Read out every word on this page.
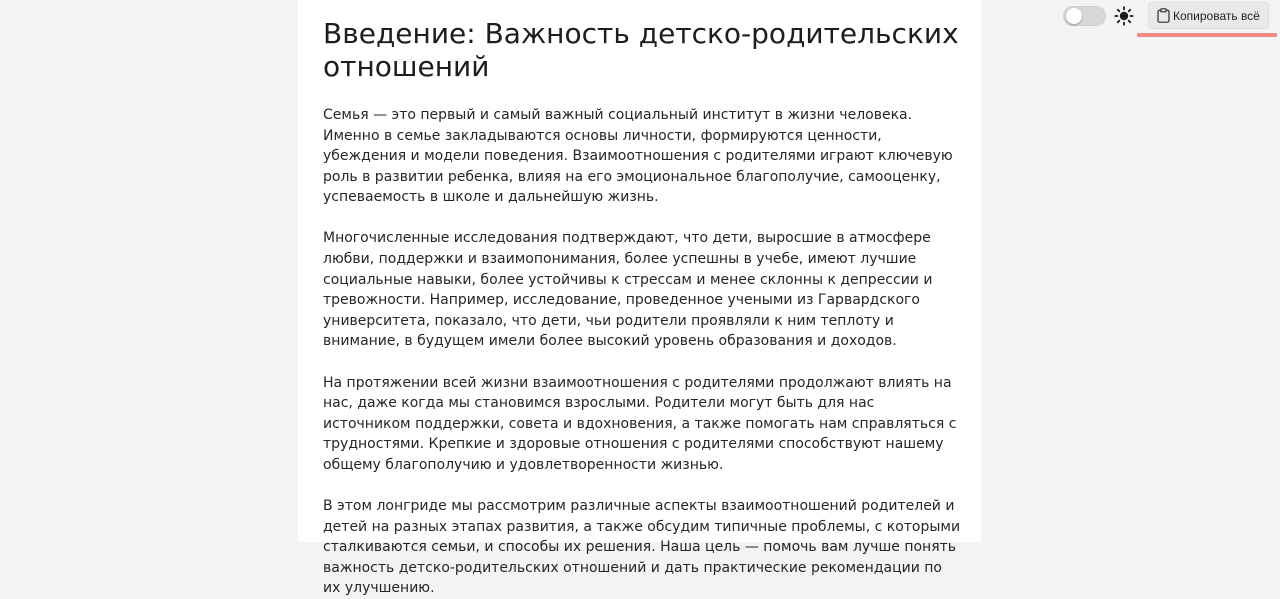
Введение: Важность детско-родительских отношений

Семья — это первый и самый важный социальный институт в жизни человека. Именно в семье закладываются основы личности, формируются ценности, убеждения и модели поведения. Взаимоотношения с родителями играют ключевую роль в развитии ребенка, влияя на его эмоциональное благополучие, самооценку, успеваемость в школе и дальнейшую жизнь.

Многочисленные исследования подтверждают, что дети, выросшие в атмосфере любви, поддержки и взаимопонимания, более успешны в учебе, имеют лучшие социальные навыки, более устойчивы к стрессам и менее склонны к депрессии и тревожности. Например, исследование, проведенное учеными из Гарвардского университета, показало, что дети, чьи родители проявляли к ним теплоту и внимание, в будущем имели более высокий уровень образования и доходов.

На протяжении всей жизни взаимоотношения с родителями продолжают влиять на нас, даже когда мы становимся взрослыми. Родители могут быть для нас источником поддержки, совета и вдохновения, а также помогать нам справляться с трудностями. Крепкие и здоровые отношения с родителями способствуют нашему общему благополучию и удовлетворенности жизнью.

В этом лонгриде мы рассмотрим различные аспекты взаимоотношений родителей и детей на разных этапах развития, а также обсудим типичные проблемы, с которыми сталкиваются семьи, и способы их решения. Наша цель — помочь вам лучше понять важность детско-родительских отношений и дать практические рекомендации по их улучшению.

Копировать всё
